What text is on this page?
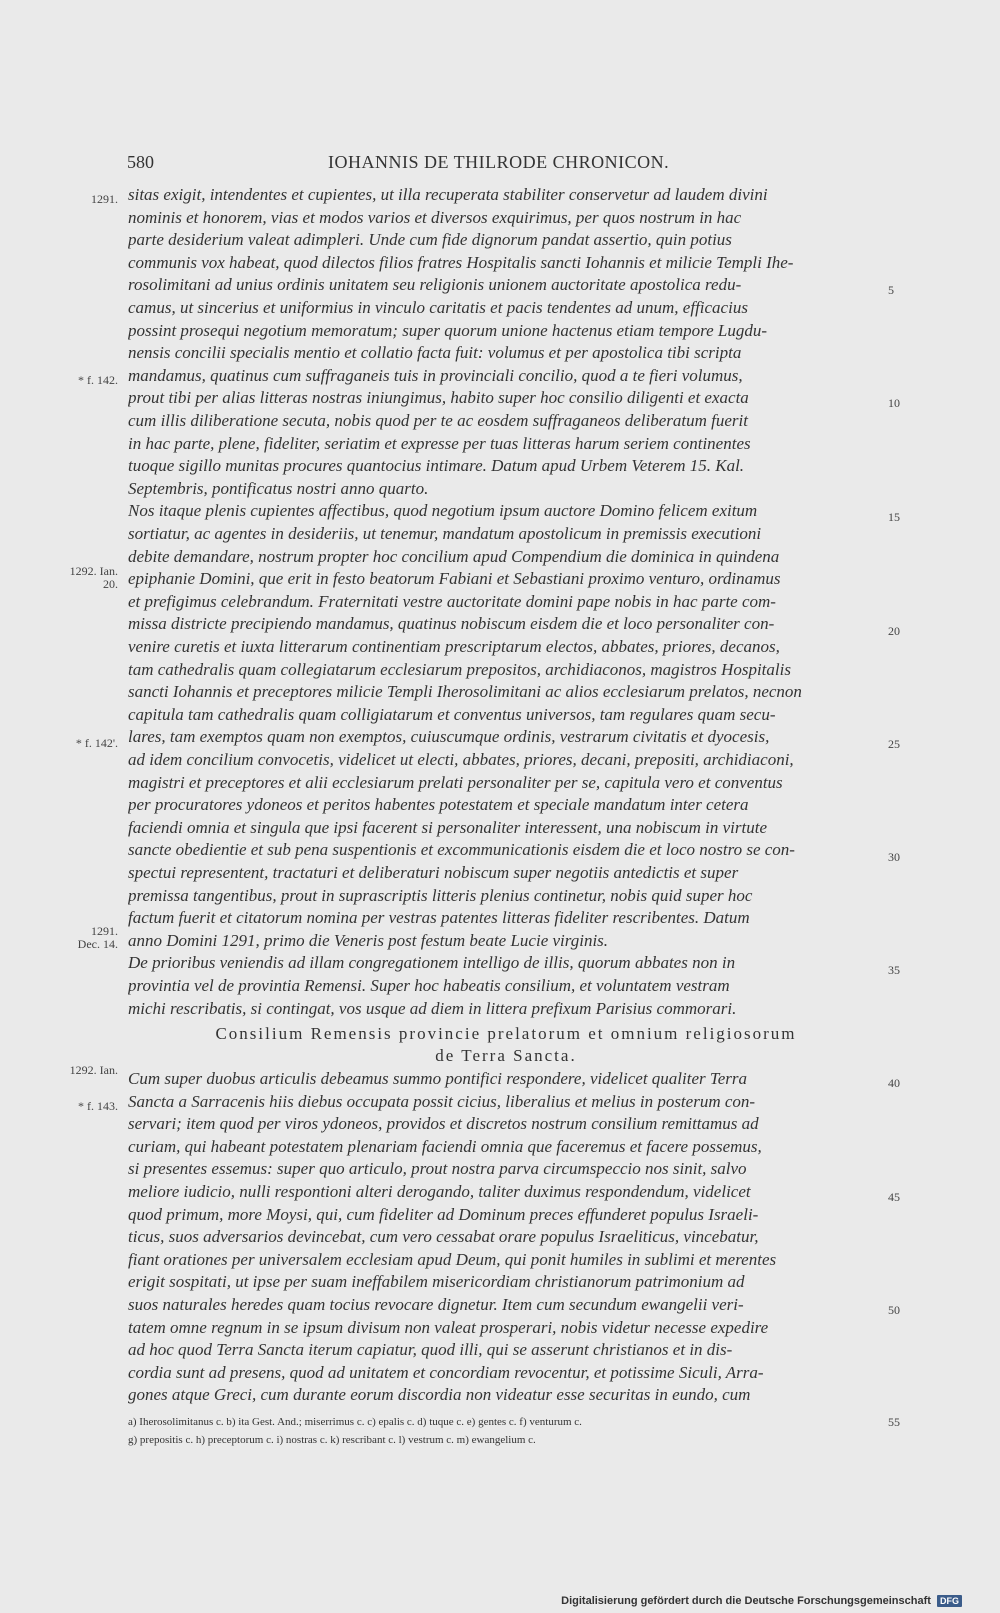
580	IOHANNIS DE THILRODE CHRONICON.
sitas exigit, intendentes et cupientes, ut illa recuperata stabiliter conservetur ad laudem divini
nominis et honorem, vias et modos varios et diversos exquirimus, per quos nostrum in hac
parte desiderium valeat adimpleri. Unde cum fide dignorum pandat assertio, quin potius
communis vox habeat, quod dilectos filios fratres Hospitalis sancti Iohannis et milicie Templi Ihe-
rosolimitani ad unius ordinis unitatem seu religionis unionem auctoritate apostolica redu-
camus, ut sincerius et uniformius in vinculo caritatis et pacis tendentes ad unum, efficacius
possint prosequi negotium memoratum; super quorum unione hactenus etiam tempore Lugdu-
nensis concilii specialis mentio et collatio facta fuit: volumus et per apostolica tibi scripta
mandamus, quatinus cum suffraganeis tuis in provinciali concilio, quod a te fieri volumus,
prout tibi per alias litteras nostras iniungimus, habito super hoc consilio diligenti et exacta
cum illis diliberatione secuta, nobis quod per te ac eosdem suffraganeos deliberatum fuerit
in hac parte, plene, fideliter, seriatim et expresse per tuas litteras harum seriem continentes
tuoque sigillo munitas procures quantocius intimare. Datum apud Urbem Veterem 15. Kal.
Septembris, pontificatus nostri anno quarto.
Nos itaque plenis cupientes affectibus, quod negotium ipsum auctore Domino felicem exitum
sortiatur, ac agentes in desideriis, ut tenemur, mandatum apostolicum in premissis executioni
debite demandare, nostrum propter hoc concilium apud Compendium die dominica in quindena
epiphanie Domini, que erit in festo beatorum Fabiani et Sebastiani proximo venturo, ordinamus
et prefigimus celebrandum. Fraternitati vestre auctoritate domini pape nobis in hac parte com-
missa districte precipiendo mandamus, quatinus nobiscum eisdem die et loco personaliter con-
venire curetis et iuxta litterarum continentiam prescriptarum electos, abbates, priores, decanos,
tam cathedralis quam collegiatarum ecclesiarum prepositos, archidiaconos, magistros Hospitalis
sancti Iohannis et preceptores milicie Templi Iherosolimitani ac alios ecclesiarum prelatos, necnon
capitula tam cathedralis quam colligiatarum et conventus universos, tam regulares quam secu-
lares, tam exemptos quam non exemptos, cuiuscumque ordinis, vestrarum civitatis et dyocesis,
ad idem concilium convocetis, videlicet ut electi, abbates, priores, decani, prepositi, archidiaconi,
magistri et preceptores et alii ecclesiarum prelati personaliter per se, capitula vero et conventus
per procuratores ydoneos et peritos habentes potestatem et speciale mandatum inter cetera
faciendi omnia et singula que ipsi facerent si personaliter interessent, una nobiscum in virtute
sancte obedientie et sub pena suspentionis et excommunicationis eisdem die et loco nostro se con-
spectui representent, tractaturi et deliberaturi nobiscum super negotiis antedictis et super
premissa tangentibus, prout in suprascriptis litteris plenius continetur, nobis quid super hoc
factum fuerit et citatorum nomina per vestras patentes litteras fideliter rescribentes. Datum
anno Domini 1291, primo die Veneris post festum beate Lucie virginis.
De prioribus veniendis ad illam congregationem intelligo de illis, quorum abbates non in
provintia vel de provintia Remensi. Super hoc habeatis consilium, et voluntatem vestram
michi rescribatis, si contingat, vos usque ad diem in littera prefixum Parisius commorari.
Cum super duobus articulis debeamus summo pontifici respondere, videlicet qualiter Terra
Sancta a Sarracenis hiis diebus occupata possit cicius, liberalius et melius in posterum con-
servari; item quod per viros ydoneos, providos et discretos nostrum consilium remittamus ad
curiam, qui habeant potestatem plenariam faciendi omnia que faceremus et facere possemus,
si presentes essemus: super quo articulo, prout nostra parva circumspeccio nos sinit, salvo
meliore iudicio, nulli respontioni alteri derogando, taliter duximus respondendum, videlicet
quod primum, more Moysi, qui, cum fideliter ad Dominum preces effunderet populus Israeli-
ticus, suos adversarios devincebat, cum vero cessabat orare populus Israeliticus, vincebatur,
fiant orationes per universalem ecclesiam apud Deum, qui ponit humiles in sublimi et merentes
erigit sospitati, ut ipse per suam ineffabilem misericordiam christianorum patrimonium ad
suos naturales heredes quam tocius revocare dignetur. Item cum secundum ewangelii veri-
tatem omne regnum in se ipsum divisum non valeat prosperari, nobis videtur necesse expedire
ad hoc quod Terra Sancta iterum capiatur, quod illi, qui se asserunt christianos et in dis-
cordia sunt ad presens, quod ad unitatem et concordiam revocentur, et potissime Siculi, Arra-
gones atque Greci, cum durante eorum discordia non videatur esse securitas in eundo, cum
Consilium Remensis provincie prelatorum et omnium religiosorum
de Terra Sancta.
1291.
* f. 142.
1292. Ian. 20.
* f. 142'.
1291. Dec. 14.
1292. Ian.
* f. 143.
5
10
15
20
25
30
35
40
45
50
55
a) Iherosolimitanus c. b) ita Gest. And.; miserrimus c. c) epalis c. d) tuque c. e) gentes c. f) venturum c.
g) prepositis c. h) preceptorum c. i) nostras c. k) rescribant c. l) vestrum c. m) ewangelium c.
Digitalisierung gefördert durch die Deutsche Forschungsgemeinschaft DFG
